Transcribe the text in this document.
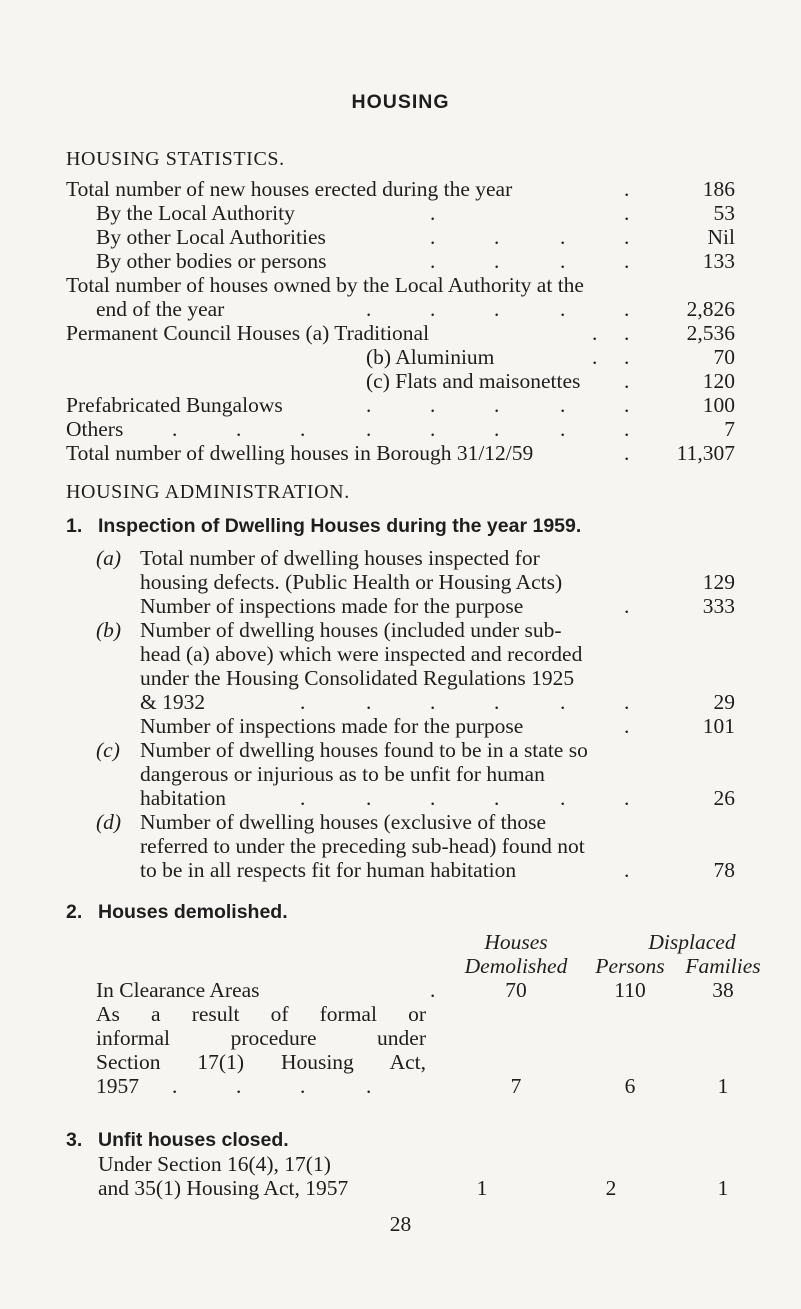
HOUSING
HOUSING STATISTICS.
Total number of new houses erected during the year	.	186
By the Local Authority	.	.	53
By other Local Authorities	.	.	.	.	Nil
By other bodies or persons	.	.	.	.	133
Total number of houses owned by the Local Authority at the
end of the year	.	.	.	.	.	2,826
Permanent Council Houses (a) Traditional	. .	2,536
(b) Aluminium	. .	70
(c) Flats and maisonettes .	120
Prefabricated Bungalows	.	.	.	.	.	100
Others .	.	.	.	.	.	.	.	7
Total number of dwelling houses in Borough 31/12/59	. 11,307
HOUSING ADMINISTRATION.
1. Inspection of Dwelling Houses during the year 1959.
(a) Total number of dwelling houses inspected for
housing defects. (Public Health or Housing Acts)	129
Number of inspections made for the purpose	.	333
(b) Number of dwelling houses (included under sub-
head (a) above) which were inspected and recorded
under the Housing Consolidated Regulations 1925
& 1932	.	.	.	.	.	.	29
Number of inspections made for the purpose	.	101
(c) Number of dwelling houses found to be in a state so
dangerous or injurious as to be unfit for human
habitation	.	.	.	.	.	.	26
(d) Number of dwelling houses (exclusive of those
referred to under the preceding sub-head) found not
to be in all respects fit for human habitation	.	78
2. Houses demolished.
Houses	Displaced
Demolished	Persons Families
In Clearance Areas	.	70	110	38
As a result of formal or
informal procedure under
Section 17(1) Housing Act,
1957 .	.	.	.	7	6	1
3. Unfit houses closed.
Under Section 16(4), 17(1)
and 35(1) Housing Act, 1957	1	2	1
28
